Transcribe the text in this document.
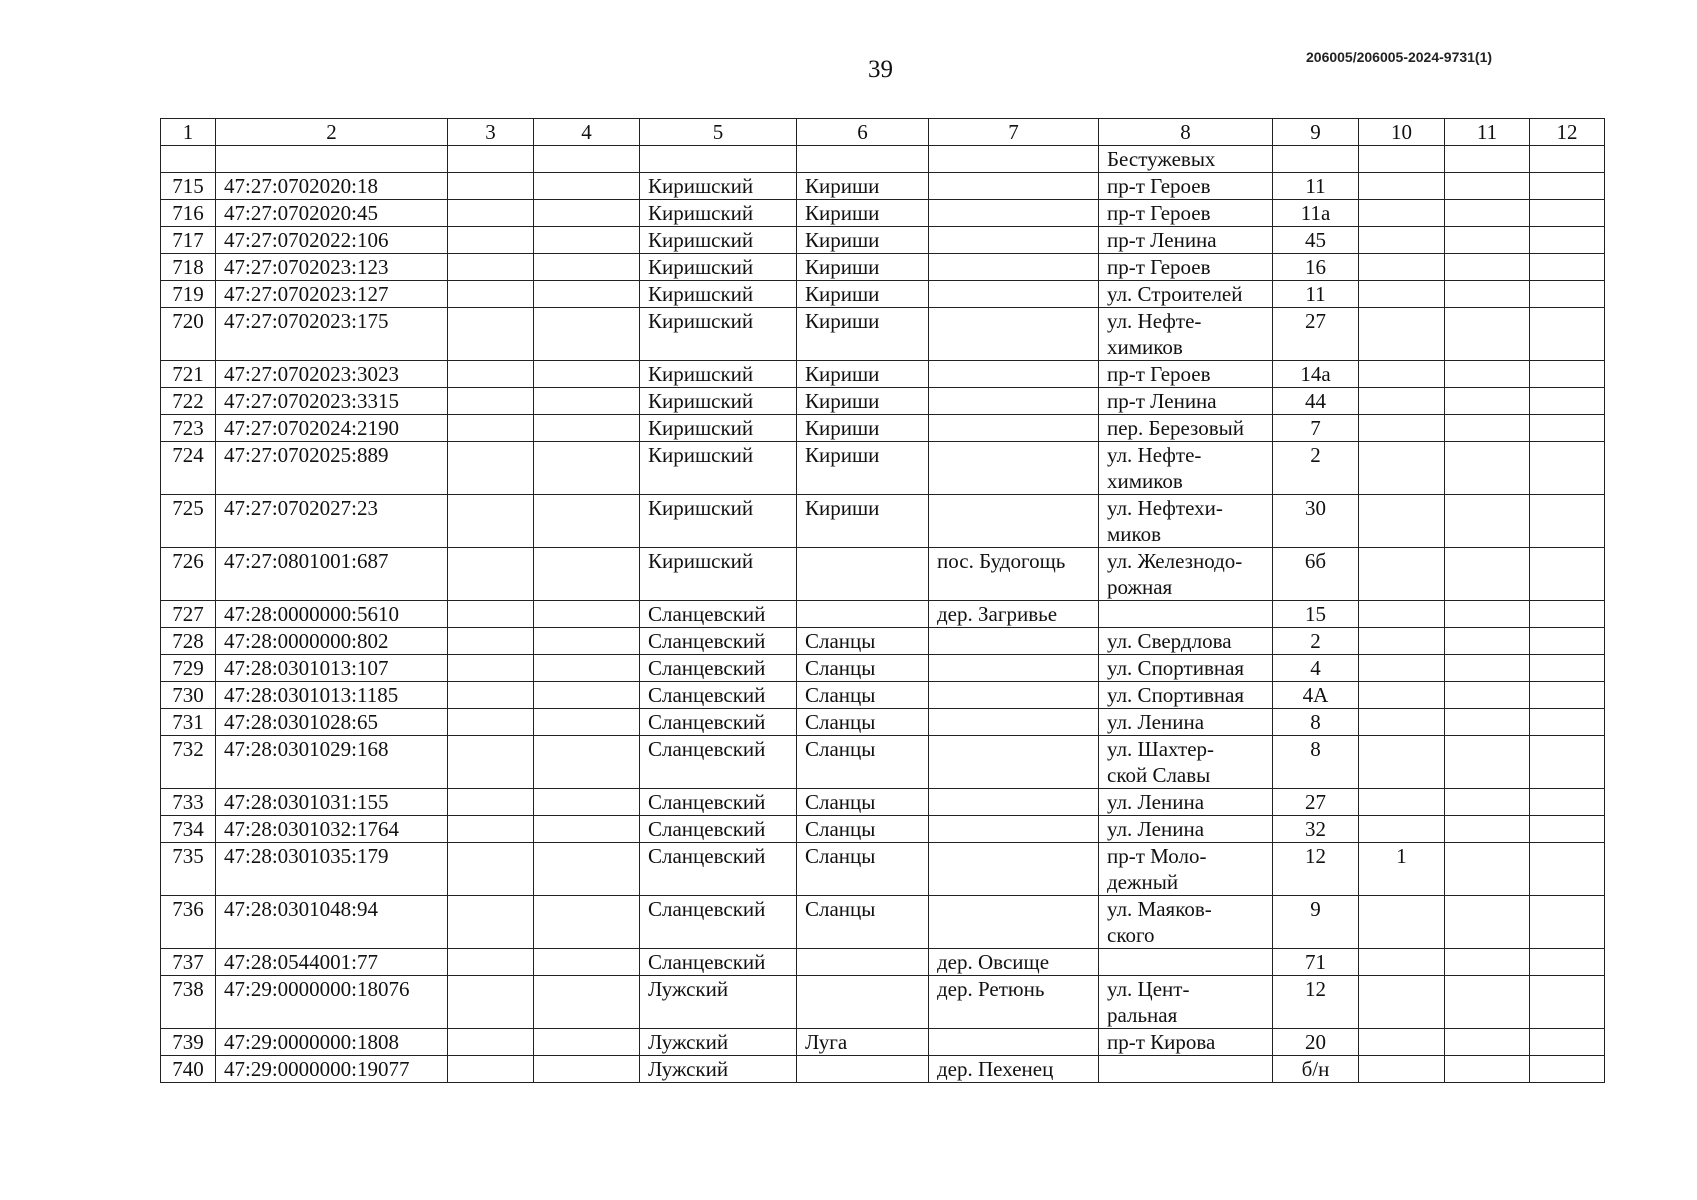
39	206005/206005-2024-9731(1)
1	2	3	4	5	6	7	8	9	10	11	12
							Бестужевых				
715	47:27:0702020:18			Киришский	Кириши		пр-т Героев	11			
716	47:27:0702020:45			Киришский	Кириши		пр-т Героев	11а			
717	47:27:0702022:106			Киришский	Кириши		пр-т Ленина	45			
718	47:27:0702023:123			Киришский	Кириши		пр-т Героев	16			
719	47:27:0702023:127			Киришский	Кириши		ул. Строителей	11			
720	47:27:0702023:175			Киришский	Кириши		ул. Нефте-
химиков	27			
721	47:27:0702023:3023			Киришский	Кириши		пр-т Героев	14а			
722	47:27:0702023:3315			Киришский	Кириши		пр-т Ленина	44			
723	47:27:0702024:2190			Киришский	Кириши		пер. Березовый	7			
724	47:27:0702025:889			Киришский	Кириши		ул. Нефте-
химиков	2			
725	47:27:0702027:23			Киришский	Кириши		ул. Нефтехи-
миков	30			
726	47:27:0801001:687			Киришский		пос. Будогощь	ул. Железнодо-
рожная	6б			
727	47:28:0000000:5610			Сланцевский		дер. Загривье		15			
728	47:28:0000000:802			Сланцевский	Сланцы		ул. Свердлова	2			
729	47:28:0301013:107			Сланцевский	Сланцы		ул. Спортивная	4			
730	47:28:0301013:1185			Сланцевский	Сланцы		ул. Спортивная	4А			
731	47:28:0301028:65			Сланцевский	Сланцы		ул. Ленина	8			
732	47:28:0301029:168			Сланцевский	Сланцы		ул. Шахтер-
ской Славы	8			
733	47:28:0301031:155			Сланцевский	Сланцы		ул. Ленина	27			
734	47:28:0301032:1764			Сланцевский	Сланцы		ул. Ленина	32			
735	47:28:0301035:179			Сланцевский	Сланцы		пр-т Моло-
дежный	12	1		
736	47:28:0301048:94			Сланцевский	Сланцы		ул. Маяков-
ского	9			
737	47:28:0544001:77			Сланцевский		дер. Овсище		71			
738	47:29:0000000:18076			Лужский		дер. Ретюнь	ул. Цент-
ральная	12			
739	47:29:0000000:1808			Лужский	Луга		пр-т Кирова	20			
740	47:29:0000000:19077			Лужский		дер. Пехенец		б/н			
